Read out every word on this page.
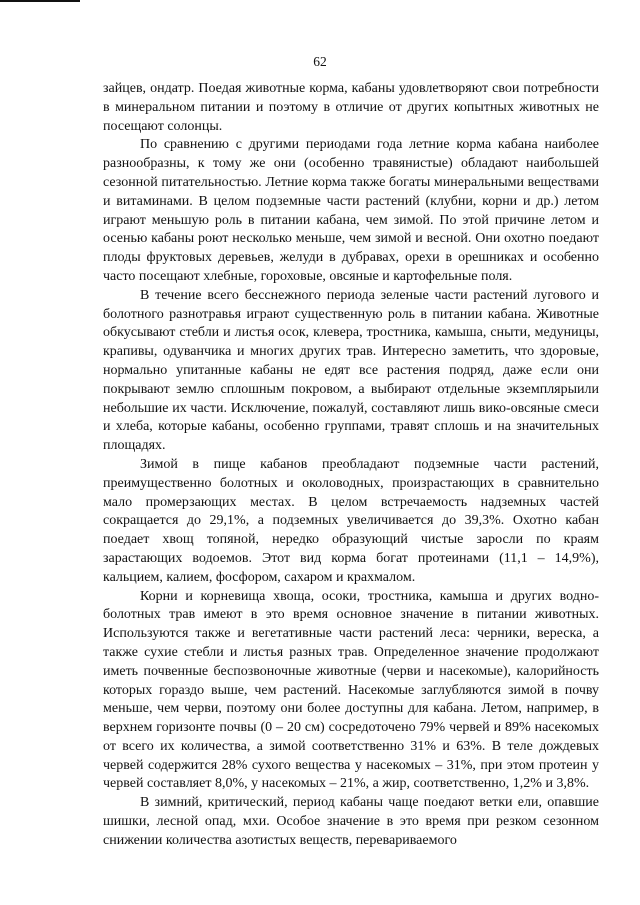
62

зайцев, ондатр. Поедая животные корма, кабаны удовлетворяют свои потребности в минеральном питании и поэтому в отличие от других копытных животных не посещают солонцы.

По сравнению с другими периодами года летние корма кабана наиболее разнообразны, к тому же они (особенно травянистые) обладают наибольшей сезонной питательностью. Летние корма также богаты минеральными веществами и витаминами. В целом подземные части растений (клубни, корни и др.) летом играют меньшую роль в питании кабана, чем зимой. По этой причине летом и осенью кабаны роют несколько меньше, чем зимой и весной. Они охотно поедают плоды фруктовых деревьев, желуди в дубравах, орехи в орешниках и особенно часто посещают хлебные, гороховые, овсяные и картофельные поля.

В течение всего бесснежного периода зеленые части растений лугового и болотного разнотравья играют существенную роль в питании кабана. Животные обкусывают стебли и листья осок, клевера, тростника, камыша, сныти, медуницы, крапивы, одуванчика и многих других трав. Интересно заметить, что здоровые, нормально упитанные кабаны не едят все растения подряд, даже если они покрывают землю сплошным покровом, а выбирают отдельные экземплярыили небольшие их части. Исключение, пожалуй, составляют лишь вико-овсяные смеси и хлеба, которые кабаны, особенно группами, травят сплошь и на значительных площадях.

Зимой в пище кабанов преобладают подземные части растений, преимущественно болотных и околоводных, произрастающих в сравнительно мало промерзающих местах. В целом встречаемость надземных частей сокращается до 29,1%, а подземных увеличивается до 39,3%. Охотно кабан поедает хвощ топяной, нередко образующий чистые заросли по краям зарастающих водоемов. Этот вид корма богат протеинами (11,1 – 14,9%), кальцием, калием, фосфором, сахаром и крахмалом.

Корни и корневища хвоща, осоки, тростника, камыша и других водно-болотных трав имеют в это время основное значение в питании животных. Используются также и вегетативные части растений леса: черники, вереска, а также сухие стебли и листья разных трав. Определенное значение продолжают иметь почвенные беспозвоночные животные (черви и насекомые), калорийность которых гораздо выше, чем растений. Насекомые заглубляются зимой в почву меньше, чем черви, поэтому они более доступны для кабана. Летом, например, в верхнем горизонте почвы (0 – 20 см) сосредоточено 79% червей и 89% насекомых от всего их количества, а зимой соответственно 31% и 63%. В теле дождевых червей содержится 28% сухого вещества у насекомых – 31%, при этом протеин у червей составляет 8,0%, у насекомых – 21%, а жир, соответственно, 1,2% и 3,8%.

В зимний, критический, период кабаны чаще поедают ветки ели, опавшие шишки, лесной опад, мхи. Особое значение в это время при резком сезонном снижении количества азотистых веществ, перевариваемого
